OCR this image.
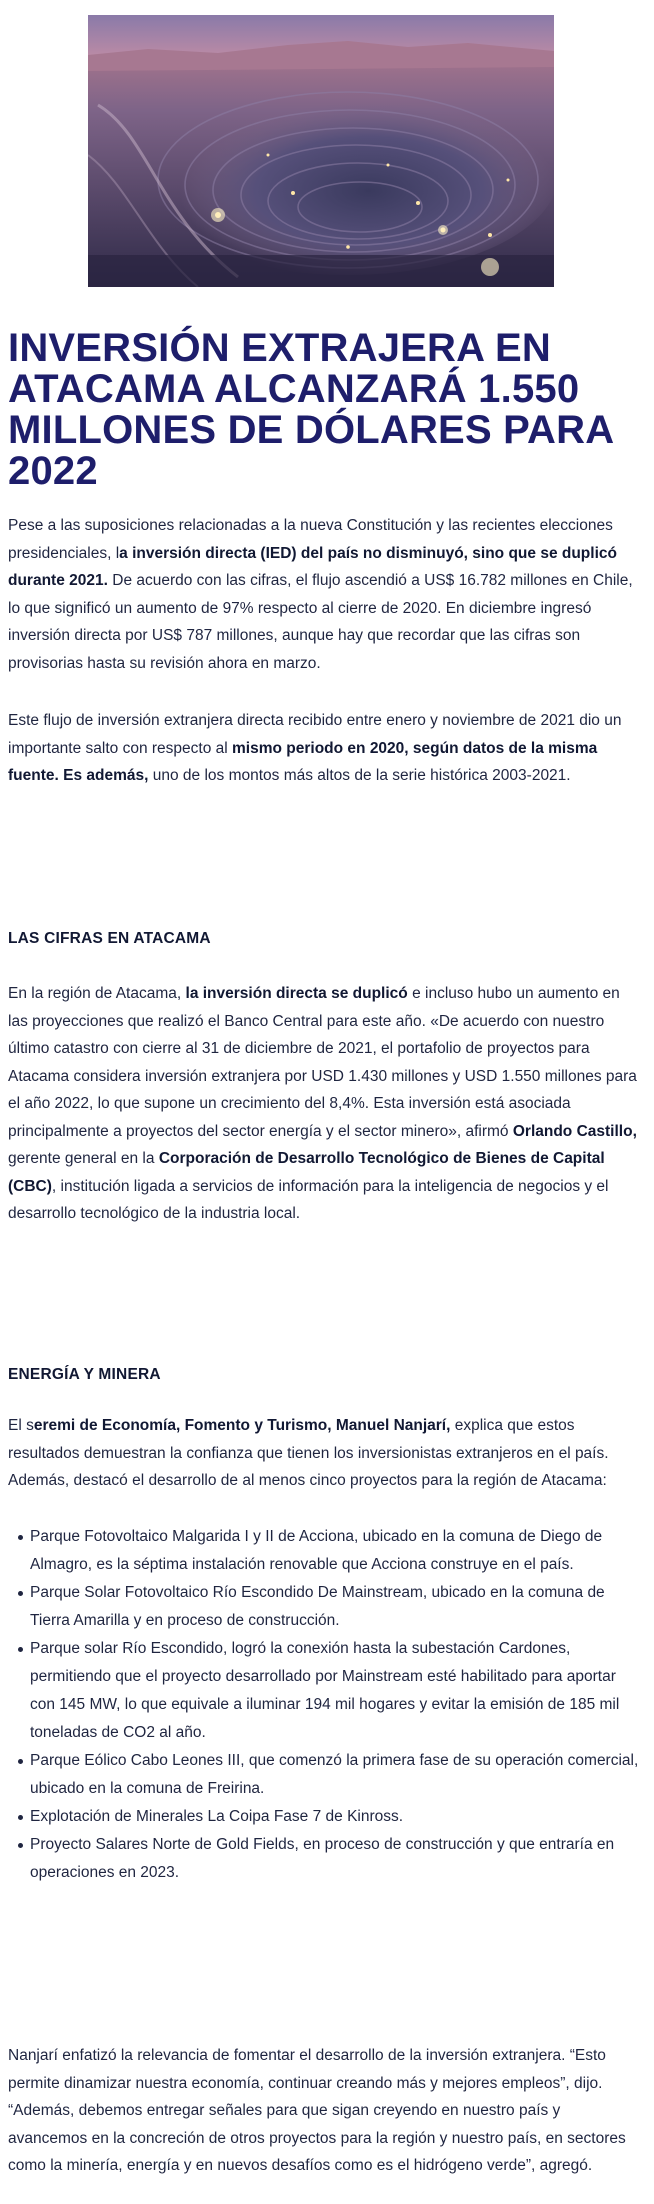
INVERSIÓN EXTRAJERA EN ATACAMA ALCANZARÁ 1.550 MILLONES DE DÓLARES PARA 2022

Pese a las suposiciones relacionadas a la nueva Constitución y las recientes elecciones presidenciales, la inversión directa (IED) del país no disminuyó, sino que se duplicó durante 2021. De acuerdo con las cifras, el flujo ascendió a US$ 16.782 millones en Chile, lo que significó un aumento de 97% respecto al cierre de 2020. En diciembre ingresó inversión directa por US$ 787 millones, aunque hay que recordar que las cifras son provisorias hasta su revisión ahora en marzo.

Este flujo de inversión extranjera directa recibido entre enero y noviembre de 2021 dio un importante salto con respecto al mismo periodo en 2020, según datos de la misma fuente. Es además, uno de los montos más altos de la serie histórica 2003-2021.

LAS CIFRAS EN ATACAMA

En la región de Atacama, la inversión directa se duplicó e incluso hubo un aumento en las proyecciones que realizó el Banco Central para este año. «De acuerdo con nuestro último catastro con cierre al 31 de diciembre de 2021, el portafolio de proyectos para Atacama considera inversión extranjera por USD 1.430 millones y USD 1.550 millones para el año 2022, lo que supone un crecimiento del 8,4%. Esta inversión está asociada principalmente a proyectos del sector energía y el sector minero», afirmó Orlando Castillo, gerente general en la Corporación de Desarrollo Tecnológico de Bienes de Capital (CBC), institución ligada a servicios de información para la inteligencia de negocios y el desarrollo tecnológico de la industria local.

ENERGÍA Y MINERA

El seremi de Economía, Fomento y Turismo, Manuel Nanjarí, explica que estos resultados demuestran la confianza que tienen los inversionistas extranjeros en el país. Además, destacó el desarrollo de al menos cinco proyectos para la región de Atacama:

Parque Fotovoltaico Malgarida I y II de Acciona, ubicado en la comuna de Diego de Almagro, es la séptima instalación renovable que Acciona construye en el país.
Parque Solar Fotovoltaico Río Escondido De Mainstream, ubicado en la comuna de Tierra Amarilla y en proceso de construcción.
Parque solar Río Escondido, logró la conexión hasta la subestación Cardones, permitiendo que el proyecto desarrollado por Mainstream esté habilitado para aportar con 145 MW, lo que equivale a iluminar 194 mil hogares y evitar la emisión de 185 mil toneladas de CO2 al año.
Parque Eólico Cabo Leones III, que comenzó la primera fase de su operación comercial, ubicado en la comuna de Freirina.
Explotación de Minerales La Coipa Fase 7 de Kinross.
Proyecto Salares Norte de Gold Fields, en proceso de construcción y que entraría en operaciones en 2023.

Nanjarí enfatizó la relevancia de fomentar el desarrollo de la inversión extranjera. “Esto permite dinamizar nuestra economía, continuar creando más y mejores empleos”, dijo. “Además, debemos entregar señales para que sigan creyendo en nuestro país y avancemos en la concreción de otros proyectos para la región y nuestro país, en sectores como la minería, energía y en nuevos desafíos como es el hidrógeno verde”, agregó.
